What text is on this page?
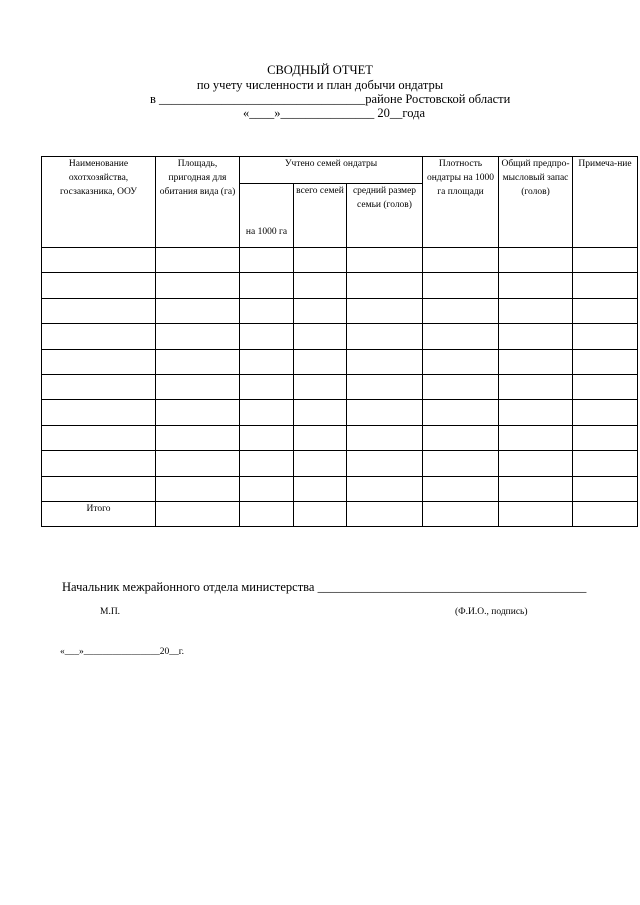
СВОДНЫЙ ОТЧЕТ
по учету численности и план добычи ондатры
в _________________________________районе Ростовской области
«____»_______________ 20__года
Наименование охотхозяйства, госзаказника, ООУ	Площадь, пригодная для обитания вида (га)	Учтено семей ондатры			Плотность ондатры на 1000 га площади	Общий предпро-мысловый запас (голов)	Примеча-ние
		на 1000 га	всего семей	средний размер семьи (голов)			

Итого							
Начальник межрайонного отдела министерства ___________________________________________
М.П.	(Ф.И.О., подпись)
«___»________________20__г.
